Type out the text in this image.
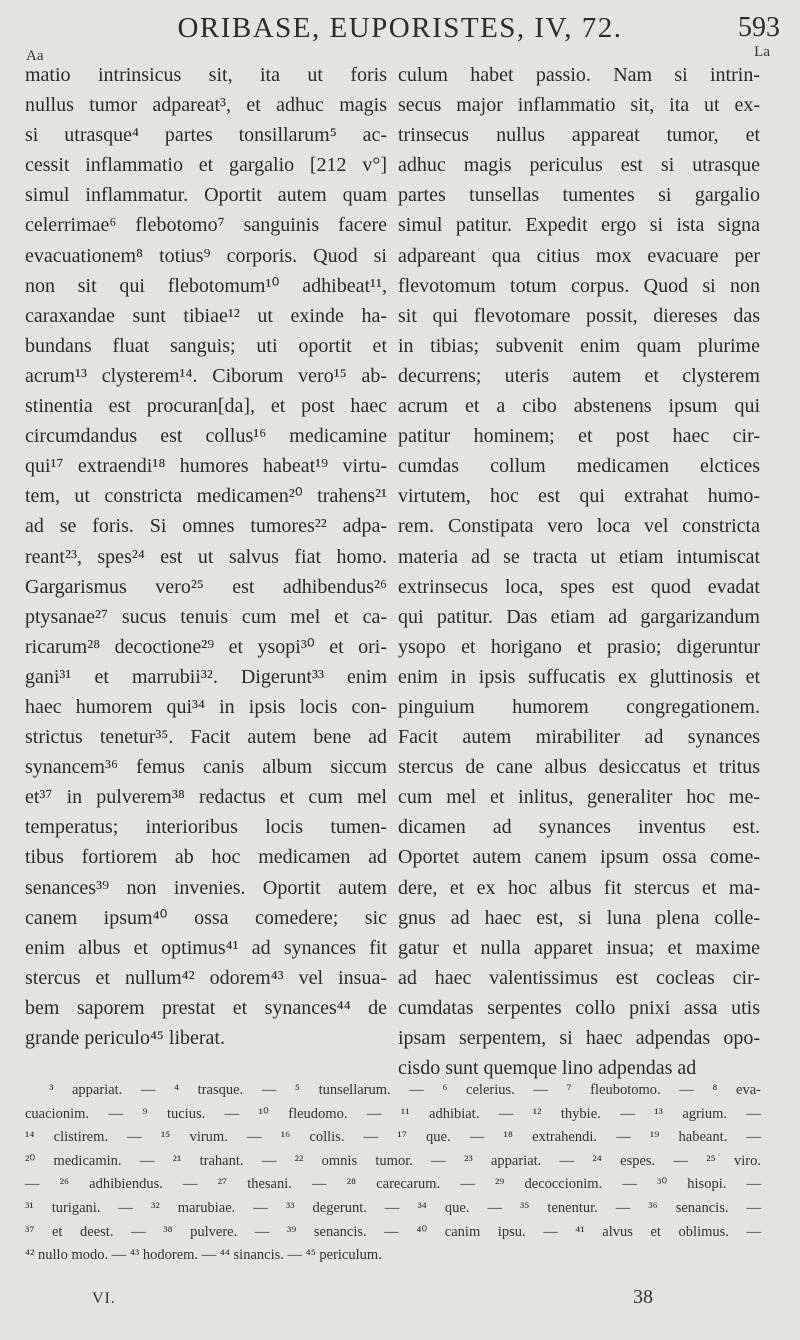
ORIBASE, EUPORISTES, IV, 72.	593
Aa	La
matio intrinsicus sit, ita ut foris
nullus tumor adpareat³, et adhuc magis
si utrasque⁴ partes tonsillarum⁵ ac-
cessit inflammatio et gargalio [212 v°]
simul inflammatur. Oportit autem quam
celerrimae⁶ flebotomo⁷ sanguinis facere
evacuationem⁸ totius⁹ corporis. Quod si
non sit qui flebotomum¹⁰ adhibeat¹¹,
caraxandae sunt tibiae¹² ut exinde ha-
bundans fluat sanguis; uti oportit et
acrum¹³ clysterem¹⁴. Ciborum vero¹⁵ ab-
stinentia est procuran[da], et post haec
circumdandus est collus¹⁶ medicamine
qui¹⁷ extraendi¹⁸ humores habeat¹⁹ virtu-
tem, ut constricta medicamen²⁰ trahens²¹
ad se foris. Si omnes tumores²² adpa-
reant²³, spes²⁴ est ut salvus fiat homo.
Gargarismus vero²⁵ est adhibendus²⁶
ptysanae²⁷ sucus tenuis cum mel et ca-
ricarum²⁸ decoctione²⁹ et ysopi³⁰ et ori-
gani³¹ et marrubii³². Digerunt³³ enim
haec humorem qui³⁴ in ipsis locis con-
strictus tenetur³⁵. Facit autem bene ad
synancem³⁶ femus canis album siccum
et³⁷ in pulverem³⁸ redactus et cum mel
temperatus; interioribus locis tumen-
tibus fortiorem ab hoc medicamen ad
senances³⁹ non invenies. Oportit autem
canem ipsum⁴⁰ ossa comedere; sic
enim albus et optimus⁴¹ ad synances fit
stercus et nullum⁴² odorem⁴³ vel insua-
bem saporem prestat et synances⁴⁴ de
grande periculo⁴⁵ liberat.
culum habet passio. Nam si intrin-
secus major inflammatio sit, ita ut ex-
trinsecus nullus appareat tumor, et
adhuc magis periculus est si utrasque
partes tunsellas tumentes si gargalio
simul patitur. Expedit ergo si ista signa
adpareant qua citius mox evacuare per
flevotomum totum corpus. Quod si non
sit qui flevotomare possit, diereses das
in tibias; subvenit enim quam plurime
decurrens; uteris autem et clysterem
acrum et a cibo abstenens ipsum qui
patitur hominem; et post haec cir-
cumdas collum medicamen elctices
virtutem, hoc est qui extrahat humo-
rem. Constipata vero loca vel constricta
materia ad se tracta ut etiam intumiscat
extrinsecus loca, spes est quod evadat
qui patitur. Das etiam ad gargarizandum
ysopo et horigano et prasio; digeruntur
enim in ipsis suffucatis ex gluttinosis et
pinguium humorem congregationem.
Facit autem mirabiliter ad synances
stercus de cane albus desiccatus et tritus
cum mel et inlitus, generaliter hoc me-
dicamen ad synances inventus est.
Oportet autem canem ipsum ossa come-
dere, et ex hoc albus fit stercus et ma-
gnus ad haec est, si luna plena colle-
gatur et nulla apparet insua; et maxime
ad haec valentissimus est cocleas cir-
cumdatas serpentes collo pnixi assa utis
ipsam serpentem, si haec adpendas opo-
cisdo sunt quemque lino adpendas ad
³ appariat. — ⁴ trasque. — ⁵ tunsellarum. — ⁶ celerius. — ⁷ fleubotomo. — ⁸ eva-
cuacionim. — ⁹ tucius. — ¹⁰ fleudomo. — ¹¹ adhibiat. — ¹² thybie. — ¹³ agrium. —
¹⁴ clistirem. — ¹⁵ virum. — ¹⁶ collis. — ¹⁷ que. — ¹⁸ extrahendi. — ¹⁹ habeant. —
²⁰ medicamin. — ²¹ trahant. — ²² omnis tumor. — ²³ appariat. — ²⁴ espes. — ²⁵ viro.
— ²⁶ adhibiendus. — ²⁷ thesani. — ²⁸ carecarum. — ²⁹ decoccionim. — ³⁰ hisopi. —
³¹ turigani. — ³² marubiae. — ³³ degerunt. — ³⁴ que. — ³⁵ tenentur. — ³⁶ senancis. —
³⁷ et deest. — ³⁸ pulvere. — ³⁹ senancis. — ⁴⁰ canim ipsu. — ⁴¹ alvus et oblimus. —
⁴² nullo modo. — ⁴³ hodorem. — ⁴⁴ sinancis. — ⁴⁵ periculum.
VI.	38
